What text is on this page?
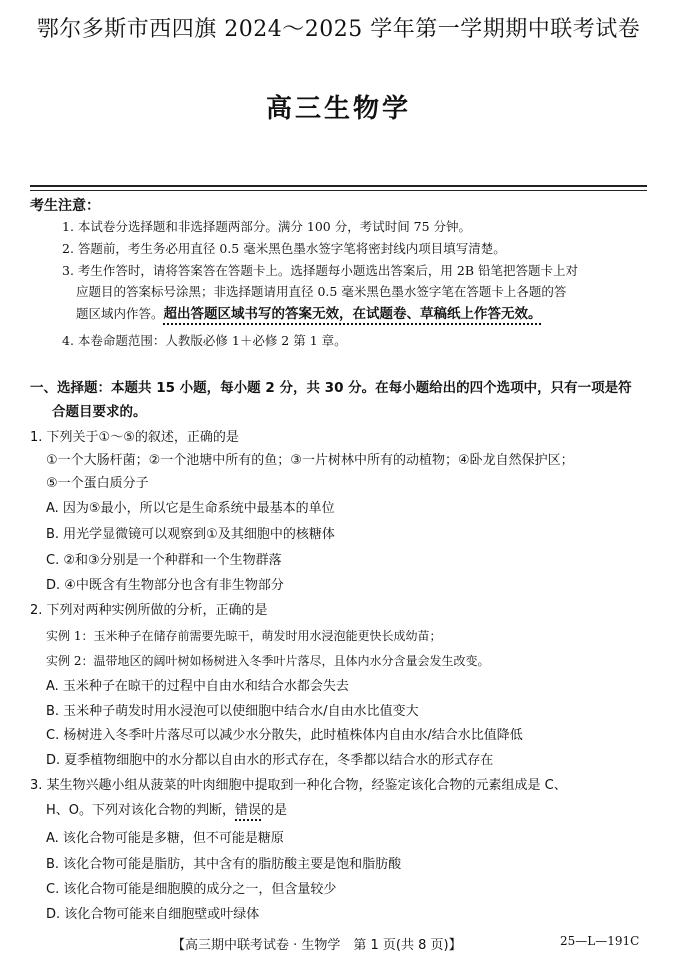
鄂尔多斯市西四旗 2024～2025 学年第一学期期中联考试卷
高三生物学
考生注意：
1. 本试卷分选择题和非选择题两部分。满分 100 分，考试时间 75 分钟。
2. 答题前，考生务必用直径 0.5 毫米黑色墨水签字笔将密封线内项目填写清楚。
3. 考生作答时，请将答案答在答题卡上。选择题每小题选出答案后，用 2B 铅笔把答题卡上对
应题目的答案标号涂黑；非选择题请用直径 0.5 毫米黑色墨水签字笔在答题卡上各题的答
题区域内作答。超出答题区域书写的答案无效，在试题卷、草稿纸上作答无效。
4. 本卷命题范围：人教版必修 1＋必修 2 第 1 章。
一、选择题：本题共 15 小题，每小题 2 分，共 30 分。在每小题给出的四个选项中，只有一项是符
合题目要求的。
1. 下列关于①～⑤的叙述，正确的是
①一个大肠杆菌；②一个池塘中所有的鱼；③一片树林中所有的动植物；④卧龙自然保护区；
⑤一个蛋白质分子
A. 因为⑤最小，所以它是生命系统中最基本的单位
B. 用光学显微镜可以观察到①及其细胞中的核糖体
C. ②和③分别是一个种群和一个生物群落
D. ④中既含有生物部分也含有非生物部分
2. 下列对两种实例所做的分析，正确的是
实例 1：玉米种子在储存前需要先晾干，萌发时用水浸泡能更快长成幼苗；
实例 2：温带地区的阔叶树如杨树进入冬季叶片落尽，且体内水分含量会发生改变。
A. 玉米种子在晾干的过程中自由水和结合水都会失去
B. 玉米种子萌发时用水浸泡可以使细胞中结合水/自由水比值变大
C. 杨树进入冬季叶片落尽可以减少水分散失，此时植株体内自由水/结合水比值降低
D. 夏季植物细胞中的水分都以自由水的形式存在，冬季都以结合水的形式存在
3. 某生物兴趣小组从菠菜的叶肉细胞中提取到一种化合物，经鉴定该化合物的元素组成是 C、
H、O。下列对该化合物的判断，错误的是
A. 该化合物可能是多糖，但不可能是糖原
B. 该化合物可能是脂肪，其中含有的脂肪酸主要是饱和脂肪酸
C. 该化合物可能是细胞膜的成分之一，但含量较少
D. 该化合物可能来自细胞壁或叶绿体
【高三期中联考试卷 · 生物学　第 1 页(共 8 页)】	25—L—191C
